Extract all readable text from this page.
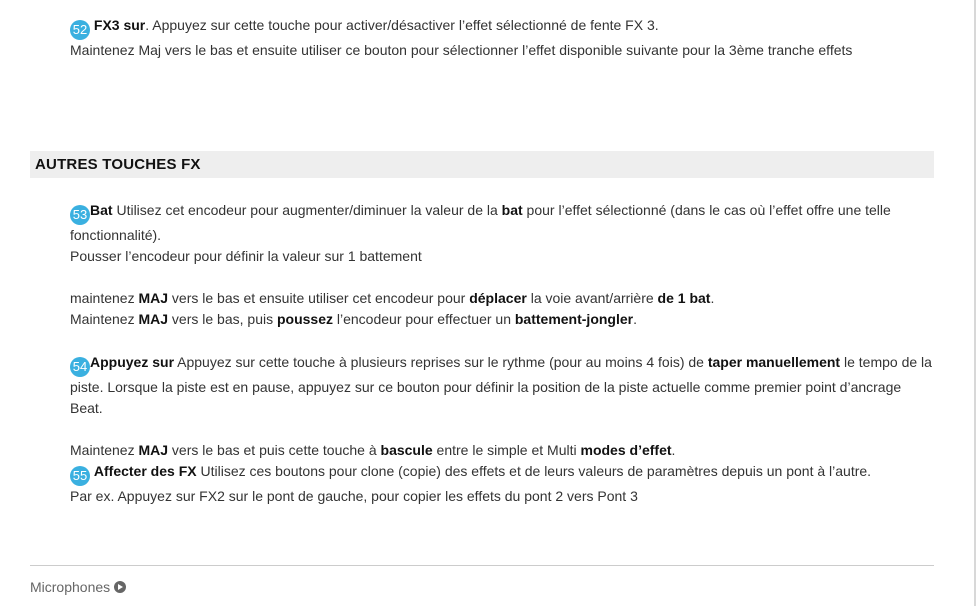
52 FX3 sur. Appuyez sur cette touche pour activer/désactiver l’effet sélectionné de fente FX 3.
Maintenez Maj vers le bas et ensuite utiliser ce bouton pour sélectionner l’effet disponible suivante pour la 3ème tranche effets
AUTRES TOUCHES FX
53 Bat Utilisez cet encodeur pour augmenter/diminuer la valeur de la bat pour l’effet sélectionné (dans le cas où l’effet offre une telle fonctionnalité).
Pousser l’encodeur pour définir la valeur sur 1 battement
maintenez MAJ vers le bas et ensuite utiliser cet encodeur pour déplacer la voie avant/arrière de 1 bat.
Maintenez MAJ vers le bas, puis poussez l’encodeur pour effectuer un battement-jongler.
54 Appuyez sur Appuyez sur cette touche à plusieurs reprises sur le rythme (pour au moins 4 fois) de taper manuellement le tempo de la piste. Lorsque la piste est en pause, appuyez sur ce bouton pour définir la position de la piste actuelle comme premier point d’ancrage Beat.
Maintenez MAJ vers le bas et puis cette touche à bascule entre le simple et Multi modes d’effet.
55 Affecter des FX Utilisez ces boutons pour clone (copie) des effets et de leurs valeurs de paramètres depuis un pont à l’autre.
Par ex. Appuyez sur FX2 sur le pont de gauche, pour copier les effets du pont 2 vers Pont 3
Microphones
